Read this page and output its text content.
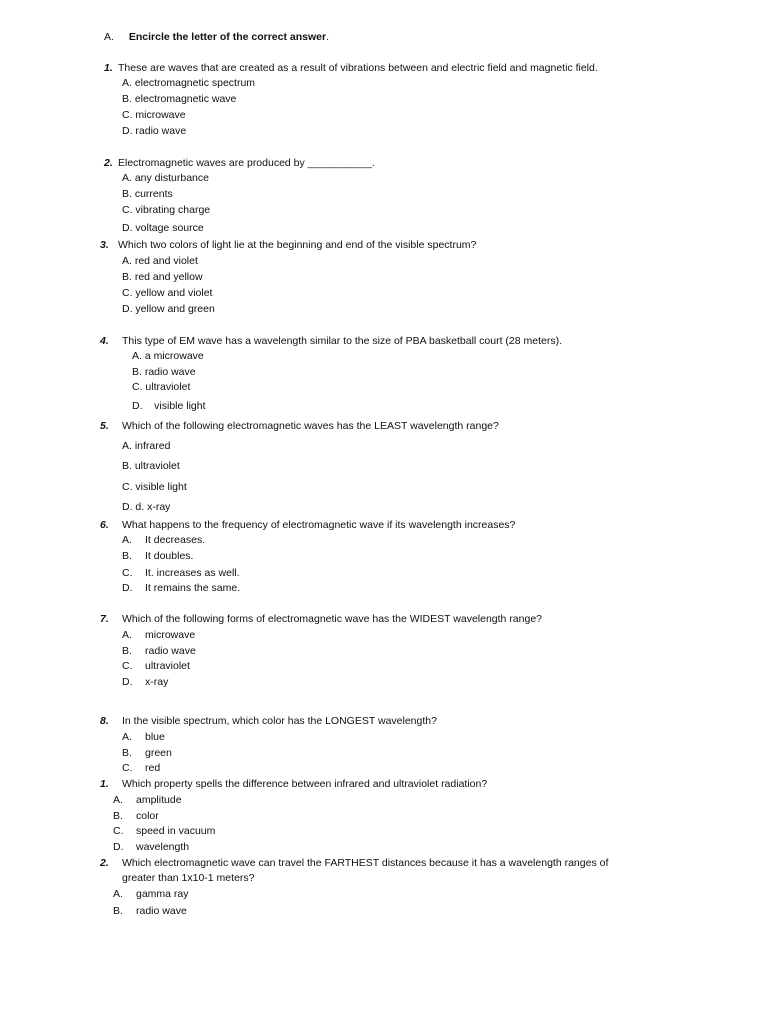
A. Encircle the letter of the correct answer.
1. These are waves that are created as a result of vibrations between and electric field and magnetic field.
A. electromagnetic spectrum
B. electromagnetic wave
C. microwave
D. radio wave
2. Electromagnetic waves are produced by ___________.
A. any disturbance
B. currents
C. vibrating charge
D. voltage source
3. Which two colors of light lie at the beginning and end of the visible spectrum?
A. red and violet
B. red and yellow
C. yellow and violet
D. yellow and green
4. This type of EM wave has a wavelength similar to the size of PBA basketball court (28 meters).
A. a microwave
B. radio wave
C. ultraviolet
D.    visible light
5. Which of the following electromagnetic waves has the LEAST wavelength range?
A. infrared
B. ultraviolet
C. visible light
D. d. x-ray
6. What happens to the frequency of electromagnetic wave if its wavelength increases?
A. It decreases.
B. It doubles.
C. It. increases as well.
D. It remains the same.
7. Which of the following forms of electromagnetic wave has the WIDEST wavelength range?
A. microwave
B. radio wave
C. ultraviolet
D. x-ray
8. In the visible spectrum, which color has the LONGEST wavelength?
A. blue
B. green
C. red
1. Which property spells the difference between infrared and ultraviolet radiation?
A. amplitude
B. color
C. speed in vacuum
D. wavelength
2. Which electromagnetic wave can travel the FARTHEST distances because it has a wavelength ranges of
greater than 1x10-1 meters?
A. gamma ray
B. radio wave
